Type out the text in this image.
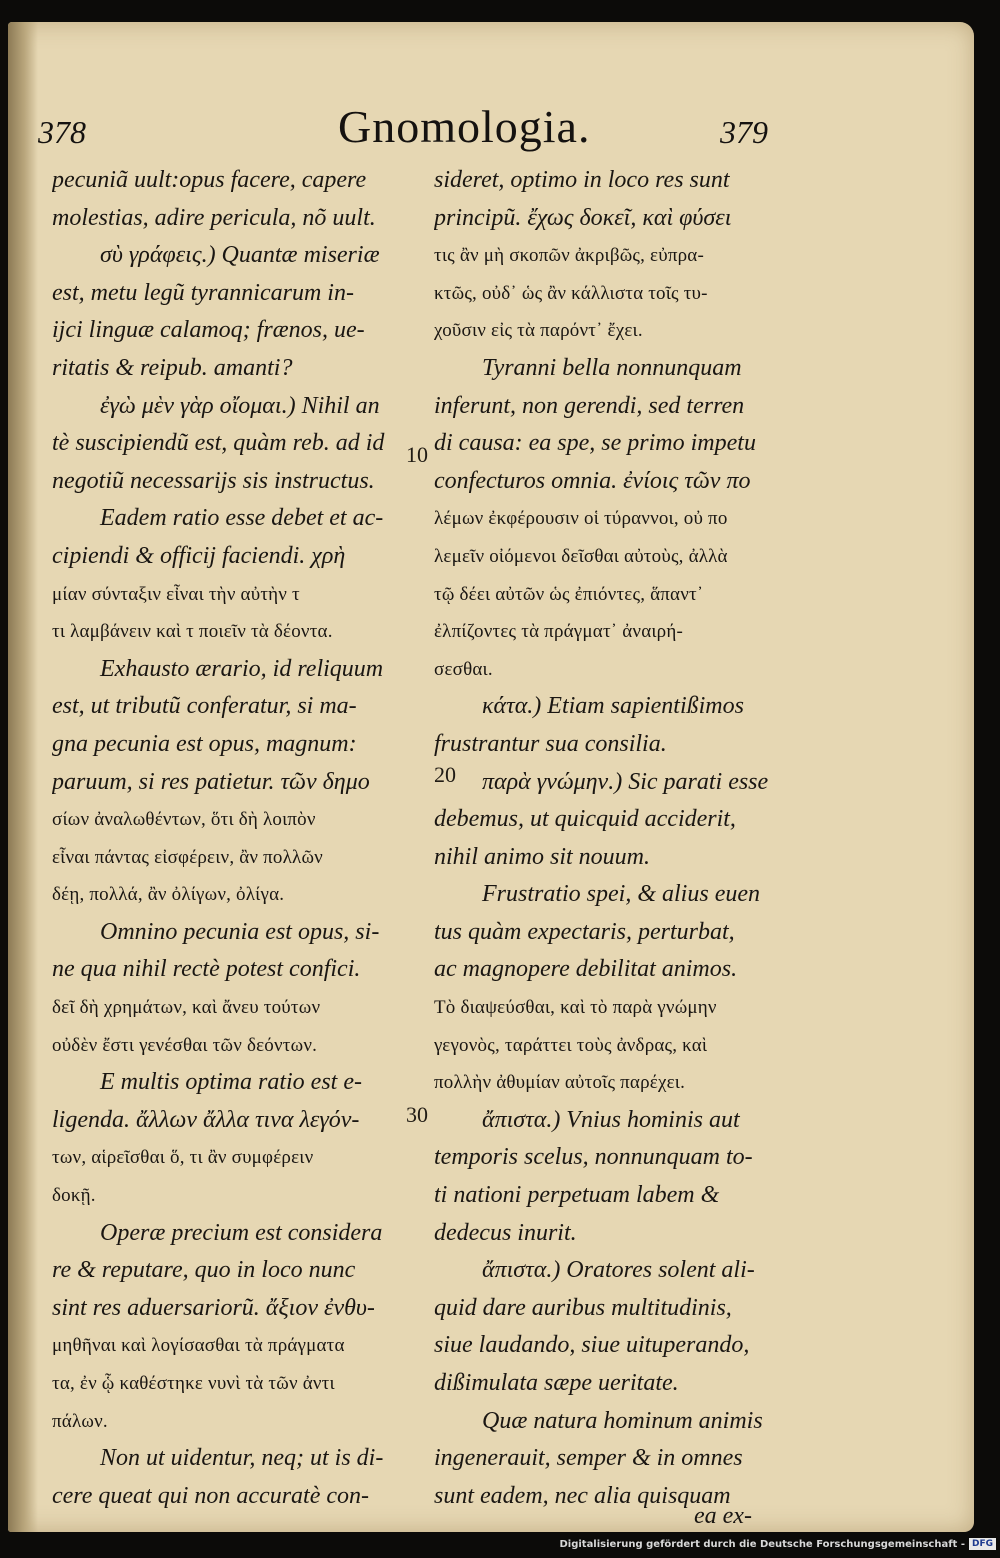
378	Gnomologia.	379
pecuniã uult:opus facere, capere
molestias, adire pericula, nõ uult.
σὺ γράφεις.) Quantæ miseriæ
est, metu legũ tyrannicarum in-
ijci linguæ calamoq; frænos, ue-
ritatis & reipub. amanti?
ἐγὼ μὲν γὰρ οἴομαι.) Nihil an
tè suscipiendũ est, quàm reb. ad id
negotiũ necessarijs sis instructus.
Eadem ratio esse debet et ac-
cipiendi & officij faciendi. χρὴ
μίαν σύνταξιν εἶναι τὴν αὐτὴν τ
τι λαμβάνειν καὶ τ ποιεῖν τὰ δέοντα.
Exhausto ærario, id reliquum
est, ut tributũ conferatur, si ma-
gna pecunia est opus, magnum:
paruum, si res patietur. τῶν δημο
σίων ἀναλωθέντων, ὅτι δὴ λοιπὸν
εἶναι πάντας εἰσφέρειν, ἂν πολλῶν
δέῃ, πολλά, ἂν ὀλίγων, ὀλίγα.
Omnino pecunia est opus, si-
ne qua nihil rectè potest confici.
δεῖ δὴ χρημάτων, καὶ ἄνευ τούτων
οὐδὲν ἔστι γενέσθαι τῶν δεόντων.
E multis optima ratio est e-
ligenda. ἄλλων ἄλλα τινα λεγόν-
των, αἱρεῖσθαι ὅ, τι ἂν συμφέρειν
δοκῇ.
Operæ precium est considera
re & reputare, quo in loco nunc
sint res aduersariorũ. ἄξιον ἐνθυ-
μηθῆναι καὶ λογίσασθαι τὰ πράγματα
τα, ἐν ᾧ καθέστηκε νυνὶ τὰ τῶν ἀντι
πάλων.
Non ut uidentur, neq; ut is di-
cere queat qui non accuratè con-
sideret, optimo in loco res sunt
principũ. ἔχως δοκεῖ, καὶ φύσει
τις ἂν μὴ σκοπῶν ἀκριβῶς, εὐπρα-
κτῶς, οὐδ᾽ ὡς ἂν κάλλιστα τοῖς τυ-
χοῦσιν εἰς τὰ παρόντ᾽ ἔχει.
Tyranni bella nonnunquam
inferunt, non gerendi, sed terren
di causa: ea spe, se primo impetu
confecturos omnia. ἐνίοις τῶν πο
λέμων ἐκφέρουσιν οἱ τύραννοι, οὐ πο
λεμεῖν οἰόμενοι δεῖσθαι αὐτοὺς, ἀλλὰ
τῷ δέει αὐτῶν ὡς ἐπιόντες, ἅπαντ᾽
ἐλπίζοντες τὰ πράγματ᾽ ἀναιρή-
σεσθαι.
κάτα.) Etiam sapientißimos
frustrantur sua consilia.
παρὰ γνώμην.) Sic parati esse
debemus, ut quicquid acciderit,
nihil animo sit nouum.
Frustratio spei, & alius euen
tus quàm expectaris, perturbat,
ac magnopere debilitat animos.
Τὸ διαψεύσθαι, καὶ τὸ παρὰ γνώμην
γεγονὸς, ταράττει τοὺς ἀνδρας, καὶ
πολλὴν ἀθυμίαν αὐτοῖς παρέχει.
ἄπιστα.) Vnius hominis aut
temporis scelus, nonnunquam to-
ti nationi perpetuam labem &
dedecus inurit.
ἄπιστα.) Oratores solent ali-
quid dare auribus multitudinis,
siue laudando, siue uituperando,
dißimulata sæpe ueritate.
Quæ natura hominum animis
ingenerauit, semper & in omnes
sunt eadem, nec alia quisquam
10
20
30
ea ex-
Digitalisierung gefördert durch die Deutsche Forschungsgemeinschaft - DFG
